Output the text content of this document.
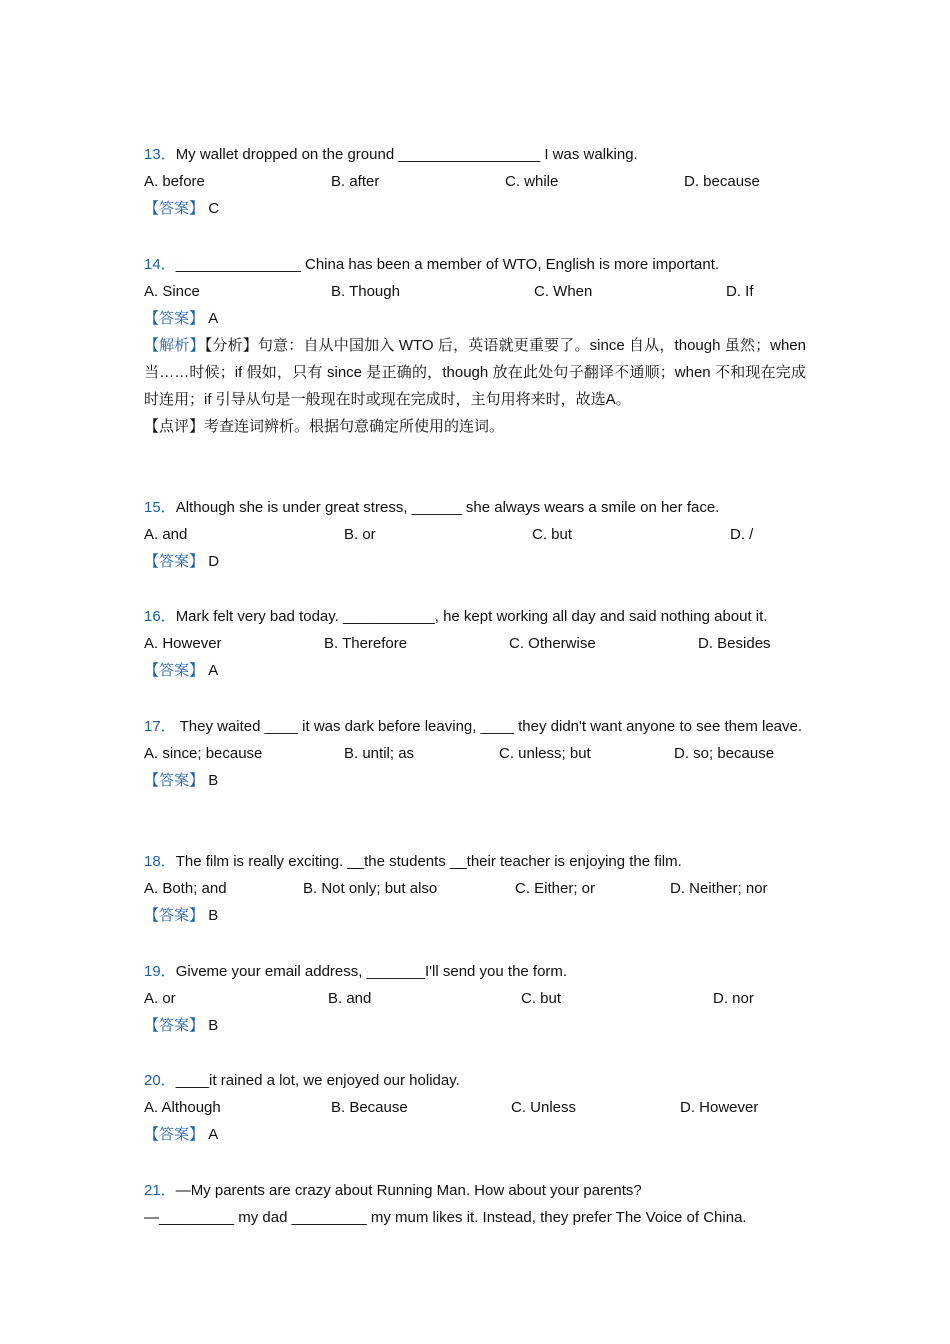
13．My wallet dropped on the ground _________________ I was walking.
A. before	B. after	C. while	D. because
【答案】 C
14．_______________ China has been a member of WTO, English is more important.
A. Since	B. Though	C. When	D. If
【答案】 A
【解析】【分析】句意：自从中国加入 WTO 后，英语就更重要了。since 自从，though 虽然；when 当……时候；if 假如，只有 since 是正确的，though 放在此处句子翻译不通顺；when 不和现在完成时连用；if 引导从句是一般现在时或现在完成时，主句用将来时，故选A。
【点评】考查连词辨析。根据句意确定所使用的连词。
15．Although she is under great stress, ______ she always wears a smile on her face.
A. and	B. or	C. but	D. /
【答案】 D
16．Mark felt very bad today. ___________, he kept working all day and said nothing about it.
A. However	B. Therefore	C. Otherwise	D. Besides
【答案】 A
17． They waited ____ it was dark before leaving, ____ they didn't want anyone to see them leave.
A. since; because	B. until; as	C. unless; but	D. so; because
【答案】 B
18．The film is really exciting. __the students __their teacher is enjoying the film.
A. Both; and	B. Not only; but also	C. Either; or	D. Neither; nor
【答案】 B
19．Giveme your email address, _______I'll send you the form.
A. or	B. and	C. but	D. nor
【答案】 B
20．____it rained a lot, we enjoyed our holiday.
A. Although	B. Because	C. Unless	D. However
【答案】 A
21．—My parents are crazy about Running Man. How about your parents?
—_________ my dad _________ my mum likes it. Instead, they prefer The Voice of China.
